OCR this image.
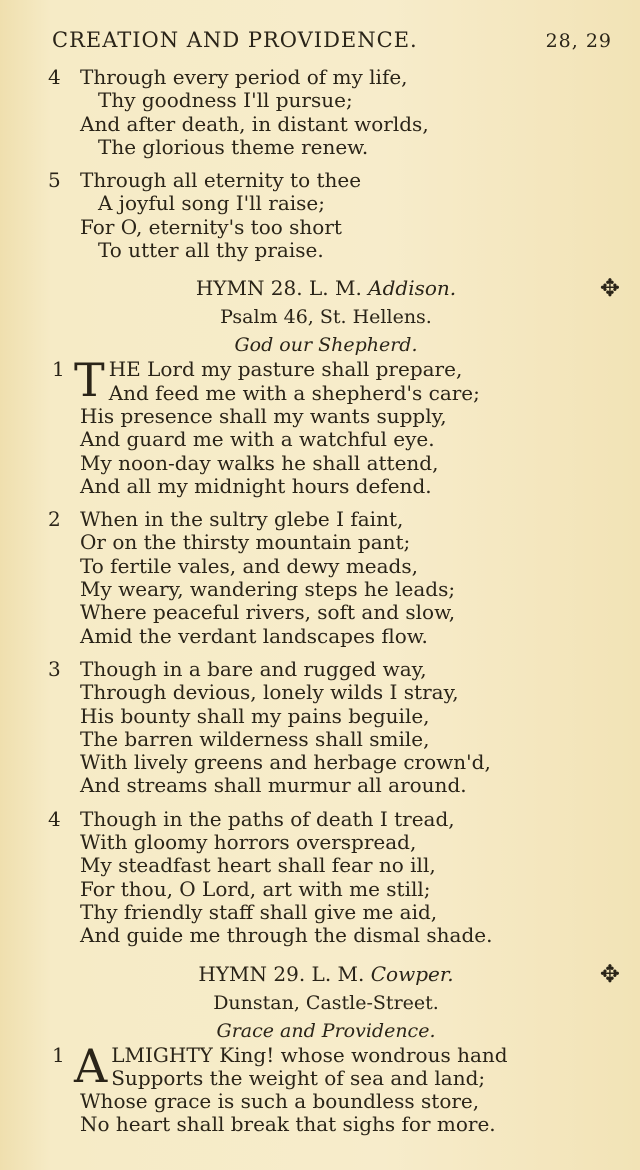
CREATION AND PROVIDENCE.	28, 29
4 Through every period of my life,
Thy goodness I'll pursue;
And after death, in distant worlds,
The glorious theme renew.
5 Through all eternity to thee
A joyful song I'll raise;
For O, eternity's too short
To utter all thy praise.
HYMN 28. L. M. Addison.	✥
Psalm 46, St. Hellens.
God our Shepherd.
1 T HE Lord my pasture shall prepare,
And feed me with a shepherd's care;
His presence shall my wants supply,
And guard me with a watchful eye.
My noon-day walks he shall attend,
And all my midnight hours defend.
2 When in the sultry glebe I faint,
Or on the thirsty mountain pant;
To fertile vales, and dewy meads,
My weary, wandering steps he leads;
Where peaceful rivers, soft and slow,
Amid the verdant landscapes flow.
3 Though in a bare and rugged way,
Through devious, lonely wilds I stray,
His bounty shall my pains beguile,
The barren wilderness shall smile,
With lively greens and herbage crown'd,
And streams shall murmur all around.
4 Though in the paths of death I tread,
With gloomy horrors overspread,
My steadfast heart shall fear no ill,
For thou, O Lord, art with me still;
Thy friendly staff shall give me aid,
And guide me through the dismal shade.
HYMN 29. L. M. Cowper.	✥
Dunstan, Castle-Street.
Grace and Providence.
1 A LMIGHTY King! whose wondrous hand
Supports the weight of sea and land;
Whose grace is such a boundless store,
No heart shall break that sighs for more.
